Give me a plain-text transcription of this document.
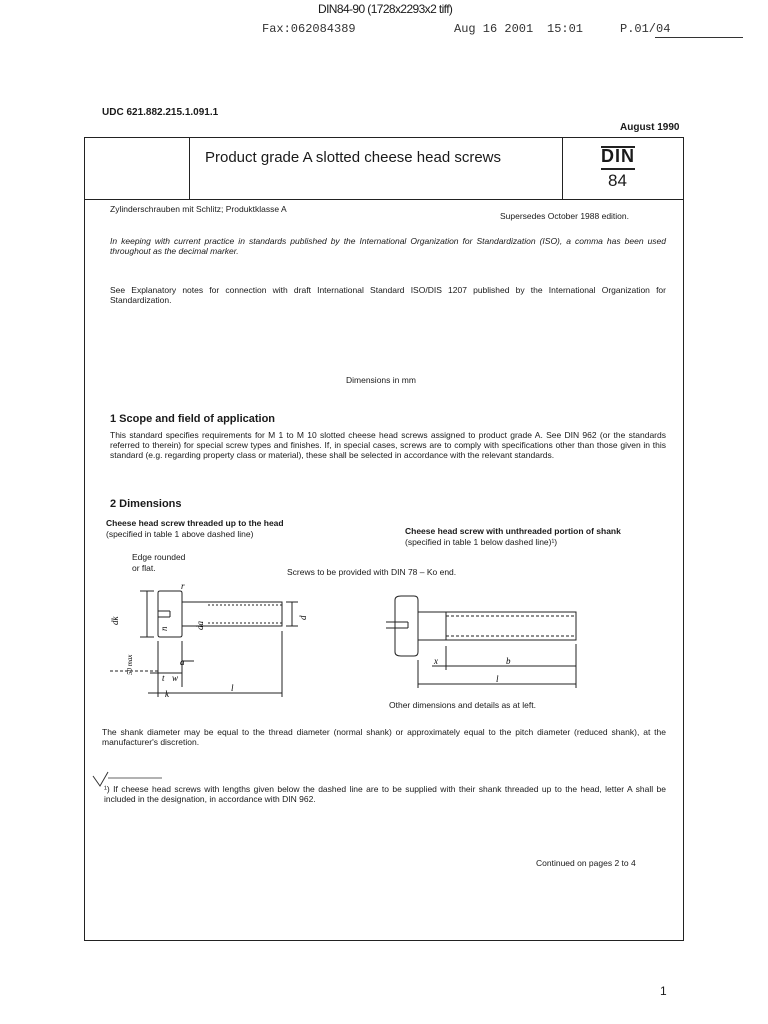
DIN84-90 (1728x2293x2 tiff)
Fax:062084389	Aug 16 2001 15:01	P.01/04
UDC 621.882.215.1.091.1
August 1990
Product grade A slotted cheese head screws	DIN
84
Zylinderschrauben mit Schlitz; Produktklasse A
Supersedes October 1988 edition.
In keeping with current practice in standards published by the International Organization for Standardization (ISO), a comma has been used throughout as the decimal marker.
See Explanatory notes for connection with draft International Standard ISO/DIS 1207 published by the International Organization for Standardization.
Dimensions in mm
1 Scope and field of application
This standard specifies requirements for M 1 to M 10 slotted cheese head screws assigned to product grade A. See DIN 962 (or the standards referred to therein) for special screw types and finishes. If, in special cases, screws are to comply with specifications other than those given in this standard (e.g. regarding property class or material), these shall be selected in accordance with the relevant standards.
2 Dimensions
Cheese head screw threaded up to the head
(specified in table 1 above dashed line)	Cheese head screw with unthreaded portion of shank
(specified in table 1 below dashed line)¹)
Edge rounded
or flat.	Screws to be provided with DIN 78 – Ko end.
dk
n	da
d
r
50 max	a
t w
k
l
x	b
l
Other dimensions and details as at left.
The shank diameter may be equal to the thread diameter (normal shank) or approximately equal to the pitch diameter (reduced shank), at the manufacturer's discretion.
¹) If cheese head screws with lengths given below the dashed line are to be supplied with their shank threaded up to the head, letter A shall be included in the designation, in accordance with DIN 962.
Continued on pages 2 to 4
1
